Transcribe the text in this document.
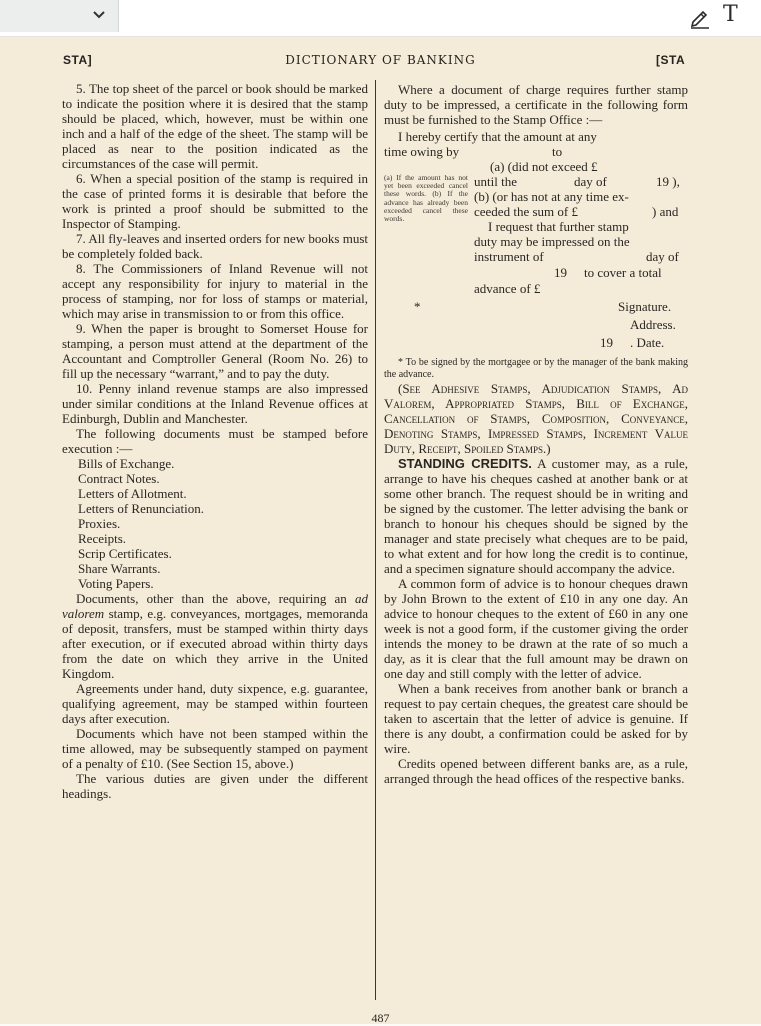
T
STA]	DICTIONARY OF BANKING	[STA

5. The top sheet of the parcel or book should be marked to indicate the position where it is desired that the stamp should be placed, which, however, must be within one inch and a half of the edge of the sheet. The stamp will be placed as near to the position indicated as the circumstances of the case will permit.

6. When a special position of the stamp is required in the case of printed forms it is desirable that before the work is printed a proof should be submitted to the Inspector of Stamping.

7. All fly-leaves and inserted orders for new books must be completely folded back.

8. The Commissioners of Inland Revenue will not accept any responsibility for injury to material in the process of stamping, nor for loss of stamps or material, which may arise in transmission to or from this office.

9. When the paper is brought to Somerset House for stamping, a person must attend at the department of the Accountant and Comptroller General (Room No. 26) to fill up the necessary “warrant,” and to pay the duty.

10. Penny inland revenue stamps are also impressed under similar conditions at the Inland Revenue offices at Edinburgh, Dublin and Manchester.

The following documents must be stamped before execution :—

Bills of Exchange.

Contract Notes.

Letters of Allotment.

Letters of Renunciation.

Proxies.

Receipts.

Scrip Certificates.

Share Warrants.

Voting Papers.

Documents, other than the above, requiring an ad valorem stamp, e.g. conveyances, mortgages, memoranda of deposit, transfers, must be stamped within thirty days after execution, or if executed abroad within thirty days from the date on which they arrive in the United Kingdom.

Agreements under hand, duty sixpence, e.g. guarantee, qualifying agreement, may be stamped within fourteen days after execution.

Documents which have not been stamped within the time allowed, may be subsequently stamped on payment of a penalty of £10. (See Section 15, above.)

The various duties are given under the different headings.

Where a document of charge requires further stamp duty to be impressed, a certificate in the following form must be furnished to the Stamp Office :—

I hereby certify that the amount at any
time owing by	to
(a) (did not exceed £
(a) If the amount has not yet been exceeded cancel these words. (b) If the advance has already been exceeded cancel these words.
until the	day of	19 ),
(b) (or has not at any time ex-
ceeded the sum of £	) and
I request that further stamp
duty may be impressed on the
instrument of	day of
19 to cover a total
advance of £
*	Signature.
Address.
19 . Date.

* To be signed by the mortgagee or by the manager of the bank making the advance.

(See Adhesive Stamps, Adjudication Stamps, Ad Valorem, Appropriated Stamps, Bill of Exchange, Cancellation of Stamps, Composition, Conveyance, Denoting Stamps, Impressed Stamps, Increment Value Duty, Receipt, Spoiled Stamps.)

STANDING CREDITS. A customer may, as a rule, arrange to have his cheques cashed at another bank or at some other branch. The request should be in writing and be signed by the customer. The letter advising the bank or branch to honour his cheques should be signed by the manager and state precisely what cheques are to be paid, to what extent and for how long the credit is to continue, and a specimen signature should accompany the advice.

A common form of advice is to honour cheques drawn by John Brown to the extent of £10 in any one day. An advice to honour cheques to the extent of £60 in any one week is not a good form, if the customer giving the order intends the money to be drawn at the rate of so much a day, as it is clear that the full amount may be drawn on one day and still comply with the letter of advice.

When a bank receives from another bank or branch a request to pay certain cheques, the greatest care should be taken to ascertain that the letter of advice is genuine. If there is any doubt, a confirmation could be asked for by wire.

Credits opened between different banks are, as a rule, arranged through the head offices of the respective banks.

487
